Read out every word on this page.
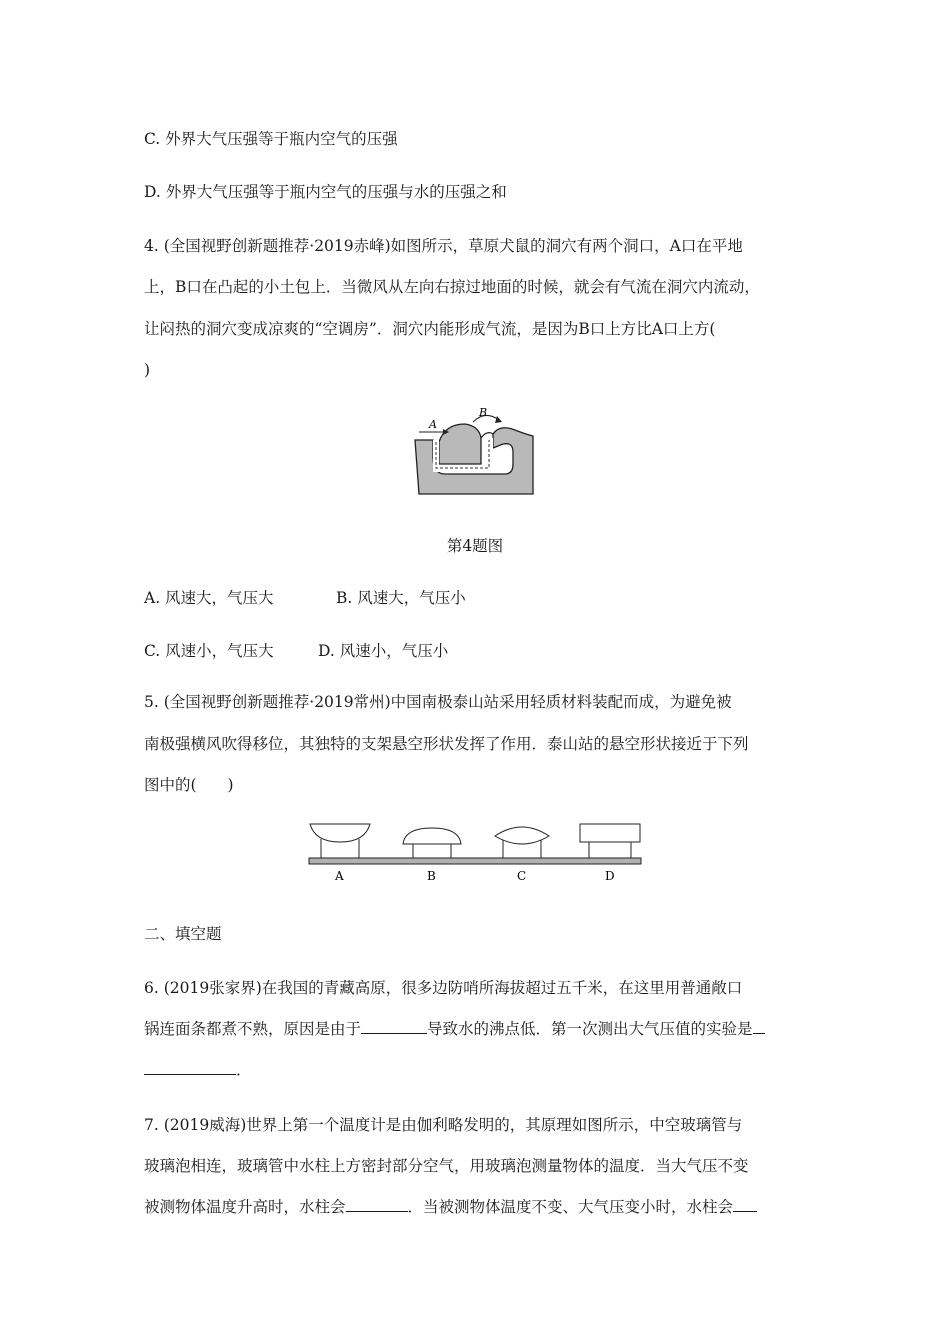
C. 外界大气压强等于瓶内空气的压强
D. 外界大气压强等于瓶内空气的压强与水的压强之和
4. (全国视野创新题推荐·2019赤峰)如图所示，草原犬鼠的洞穴有两个洞口，A口在平地
上，B口在凸起的小土包上．当微风从左向右掠过地面的时候，就会有气流在洞穴内流动，
让闷热的洞穴变成凉爽的“空调房”．洞穴内能形成气流，是因为B口上方比A口上方(
)
A
B
第4题图
A. 风速大，气压大	B. 风速大，气压小
C. 风速小，气压大	D. 风速小，气压小
5. (全国视野创新题推荐·2019常州)中国南极泰山站采用轻质材料装配而成，为避免被
南极强横风吹得移位，其独特的支架悬空形状发挥了作用．泰山站的悬空形状接近于下列
图中的(　　)
A	B	C	D
二、填空题
6. (2019张家界)在我国的青藏高原，很多边防哨所海拔超过五千米，在这里用普通敞口
锅连面条都煮不熟，原因是由于	导致水的沸点低．第一次测出大气压值的实验是
．
7. (2019威海)世界上第一个温度计是由伽利略发明的，其原理如图所示，中空玻璃管与
玻璃泡相连，玻璃管中水柱上方密封部分空气，用玻璃泡测量物体的温度．当大气压不变
被测物体温度升高时，水柱会	．当被测物体温度不变、大气压变小时，水柱会
